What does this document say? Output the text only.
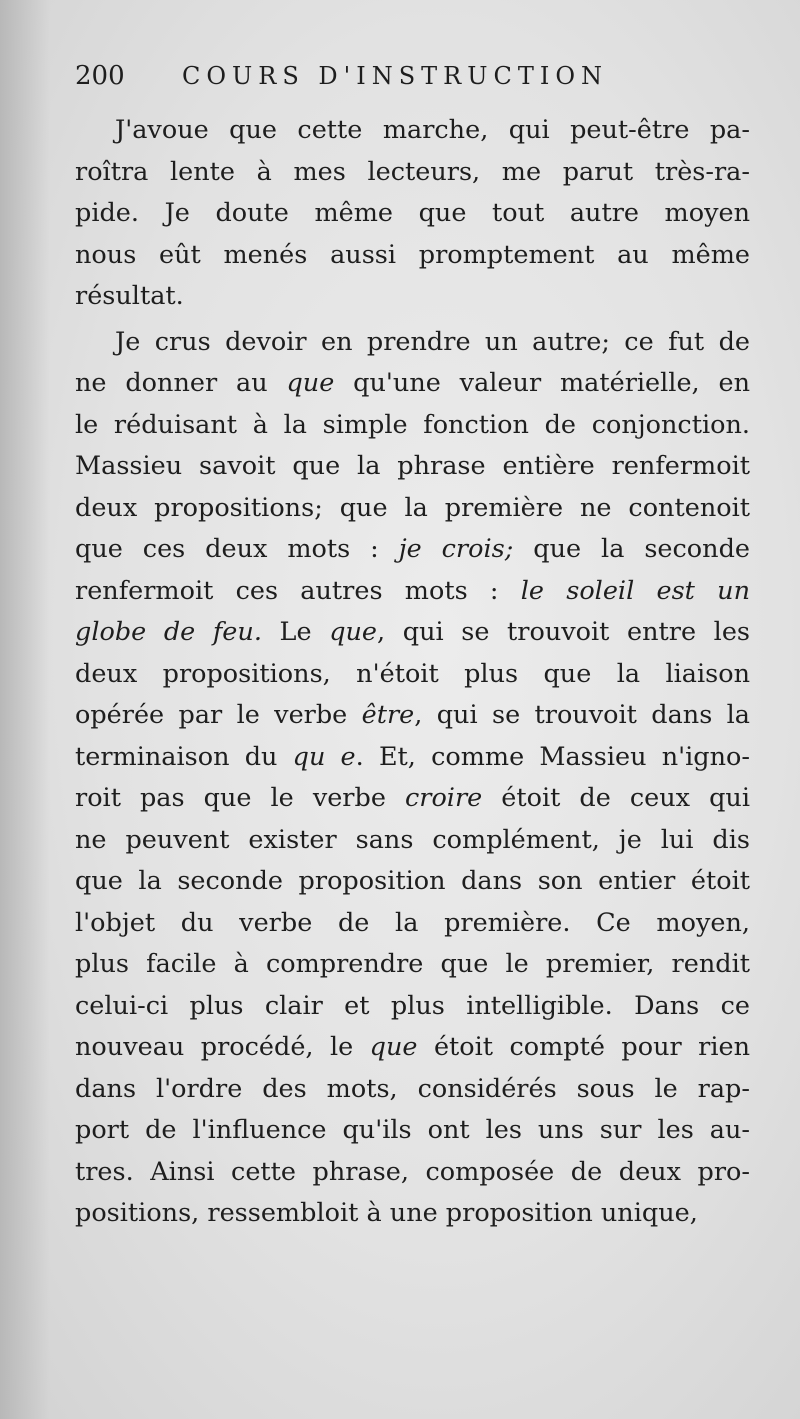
200 COURS D'INSTRUCTION
J'avoue que cette marche, qui peut-être pa-
roîtra lente à mes lecteurs, me parut très-ra-
pide. Je doute même que tout autre moyen
nous eût menés aussi promptement au même
résultat.
Je crus devoir en prendre un autre; ce fut de
ne donner au que qu'une valeur matérielle, en
le réduisant à la simple fonction de conjonction.
Massieu savoit que la phrase entière renfermoit
deux propositions; que la première ne contenoit
que ces deux mots : je crois; que la seconde
renfermoit ces autres mots : le soleil est un
globe de feu. Le que, qui se trouvoit entre les
deux propositions, n'étoit plus que la liaison
opérée par le verbe être, qui se trouvoit dans la
terminaison du qu e. Et, comme Massieu n'igno-
roit pas que le verbe croire étoit de ceux qui
ne peuvent exister sans complément, je lui dis
que la seconde proposition dans son entier étoit
l'objet du verbe de la première. Ce moyen,
plus facile à comprendre que le premier, rendit
celui-ci plus clair et plus intelligible. Dans ce
nouveau procédé, le que étoit compté pour rien
dans l'ordre des mots, considérés sous le rap-
port de l'influence qu'ils ont les uns sur les au-
tres. Ainsi cette phrase, composée de deux pro-
positions, ressembloit à une proposition unique,
